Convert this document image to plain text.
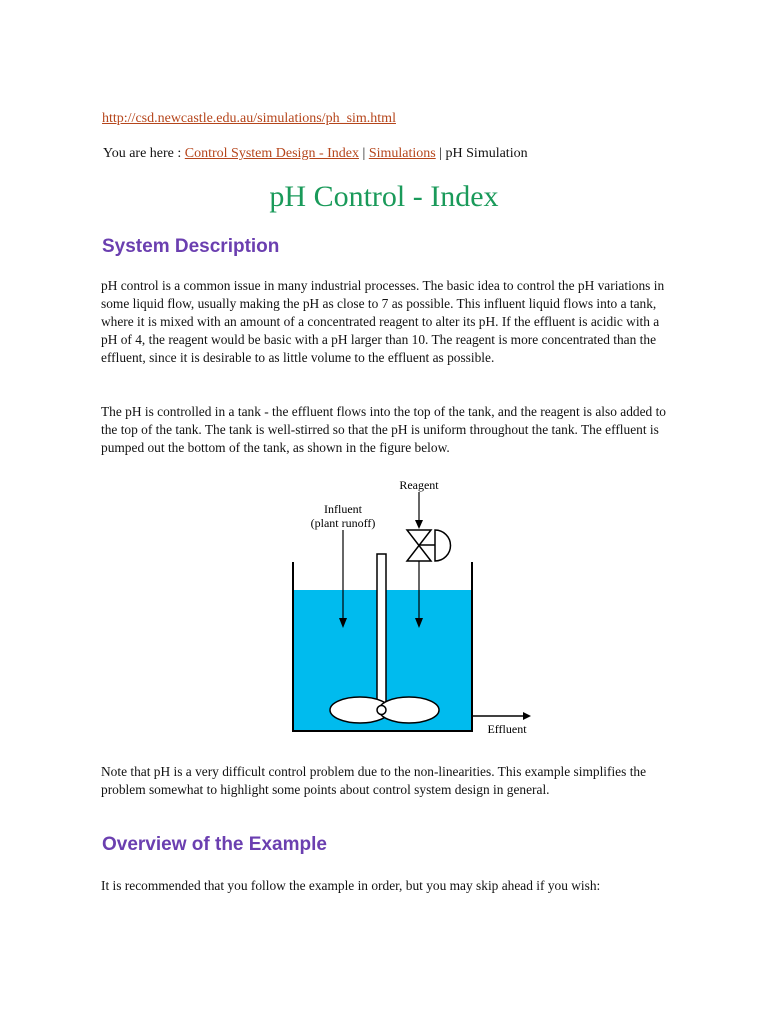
http://csd.newcastle.edu.au/simulations/ph_sim.html
You are here : Control System Design - Index | Simulations | pH Simulation
pH Control - Index
System Description

pH control is a common issue in many industrial processes. The basic idea to control the pH variations in some liquid flow, usually making the pH as close to 7 as possible. This influent liquid flows into a tank, where it is mixed with an amount of a concentrated reagent to alter its pH. If the effluent is acidic with a pH of 4, the reagent would be basic with a pH larger than 10. The reagent is more concentrated than the effluent, since it is desirable to as little volume to the effluent as possible.

The pH is controlled in a tank - the effluent flows into the top of the tank, and the reagent is also added to the top of the tank. The tank is well-stirred so that the pH is uniform throughout the tank. The effluent is pumped out the bottom of the tank, as shown in the figure below.

Reagent
Influent
(plant runoff)
Effluent

Note that pH is a very difficult control problem due to the non-linearities. This example simplifies the problem somewhat to highlight some points about control system design in general.

Overview of the Example

It is recommended that you follow the example in order, but you may skip ahead if you wish:
